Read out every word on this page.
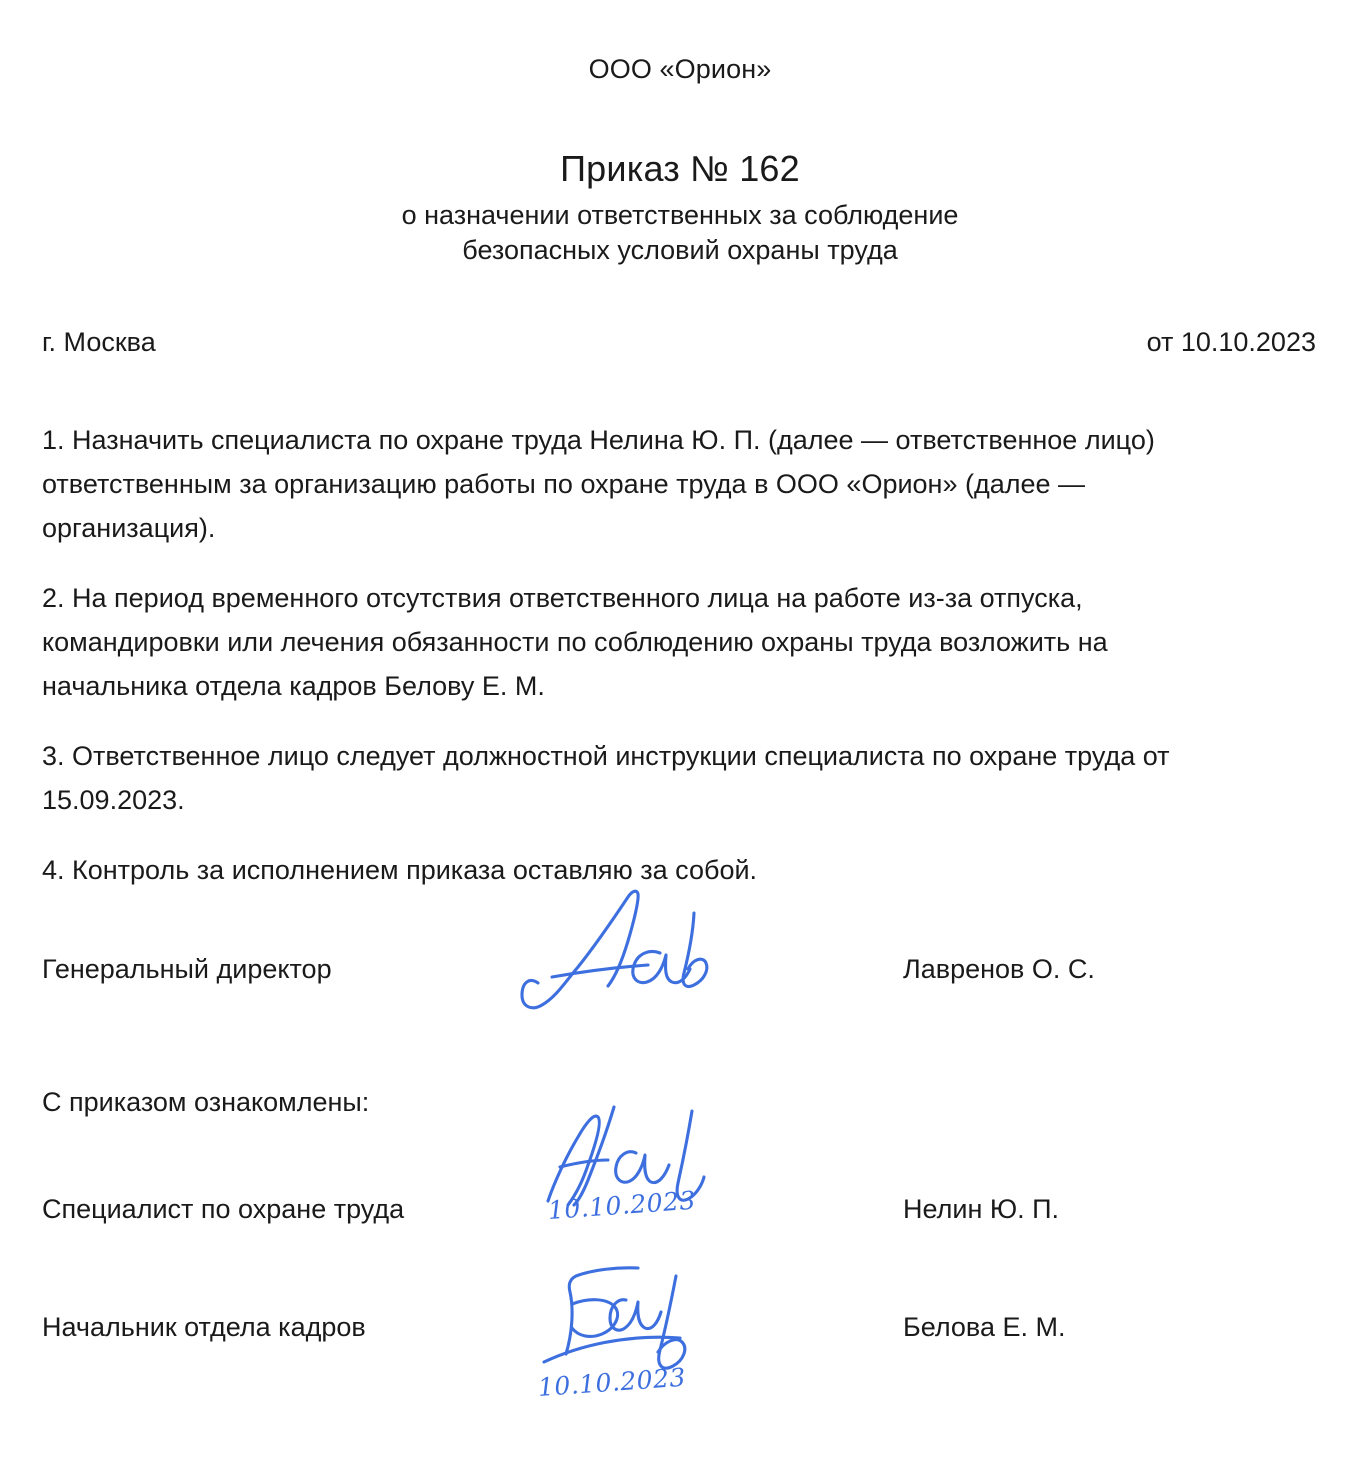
ООО «Орион»
Приказ № 162
о назначении ответственных за соблюдение
безопасных условий охраны труда
г. Москва	от 10.10.2023

1. Назначить специалиста по охране труда Нелина Ю. П. (далее — ответственное лицо) ответственным за организацию работы по охране труда в ООО «Орион» (далее — организация).

2. На период временного отсутствия ответственного лица на работе из-за отпуска, командировки или лечения обязанности по соблюдению охраны труда возложить на начальника отдела кадров Белову Е. М.

3. Ответственное лицо следует должностной инструкции специалиста по охране труда от 15.09.2023.

4. Контроль за исполнением приказа оставляю за собой.

Генеральный директор	Лавренов О. С.
С приказом ознакомлены:
Специалист по охране труда	Нелин Ю. П.
10.10.2023
Начальник отдела кадров	Белова Е. М.
10.10.2023
